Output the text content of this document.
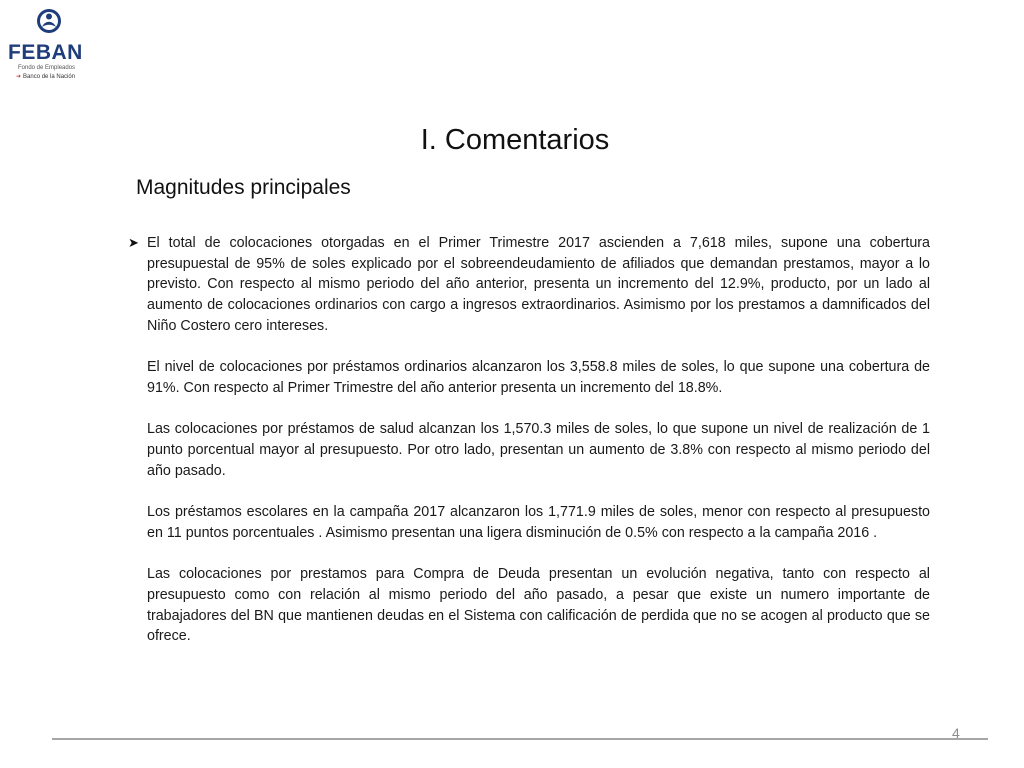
FEBAN
Fondo de Empleados
➜ Banco de la Nación
I. Comentarios
Magnitudes principales
➤ El total de colocaciones otorgadas en el Primer Trimestre 2017 ascienden a 7,618 miles, supone una cobertura presupuestal de 95% de soles explicado por el sobreendeudamiento de afiliados que demandan prestamos, mayor a lo previsto. Con respecto al mismo periodo del año anterior, presenta un incremento del 12.9%, producto, por un lado al aumento de colocaciones ordinarios con cargo a ingresos extraordinarios. Asimismo por los prestamos a damnificados del Niño Costero cero intereses.

El nivel de colocaciones por préstamos ordinarios alcanzaron los 3,558.8 miles de soles, lo que supone una cobertura de 91%. Con respecto al Primer Trimestre del año anterior presenta un incremento del 18.8%.

Las colocaciones por préstamos de salud alcanzan los 1,570.3 miles de soles, lo que supone un nivel de realización de 1 punto porcentual mayor al presupuesto. Por otro lado, presentan un aumento de 3.8% con respecto al mismo periodo del año pasado.

Los préstamos escolares en la campaña 2017 alcanzaron los 1,771.9 miles de soles, menor con respecto al presupuesto en 11 puntos porcentuales . Asimismo presentan una ligera disminución de 0.5% con respecto a la campaña 2016 .

Las colocaciones por prestamos para Compra de Deuda presentan un evolución negativa, tanto con respecto al presupuesto como con relación al mismo periodo del año pasado, a pesar que existe un numero importante de trabajadores del BN que mantienen deudas en el Sistema con calificación de perdida que no se acogen al producto que se ofrece.

4
